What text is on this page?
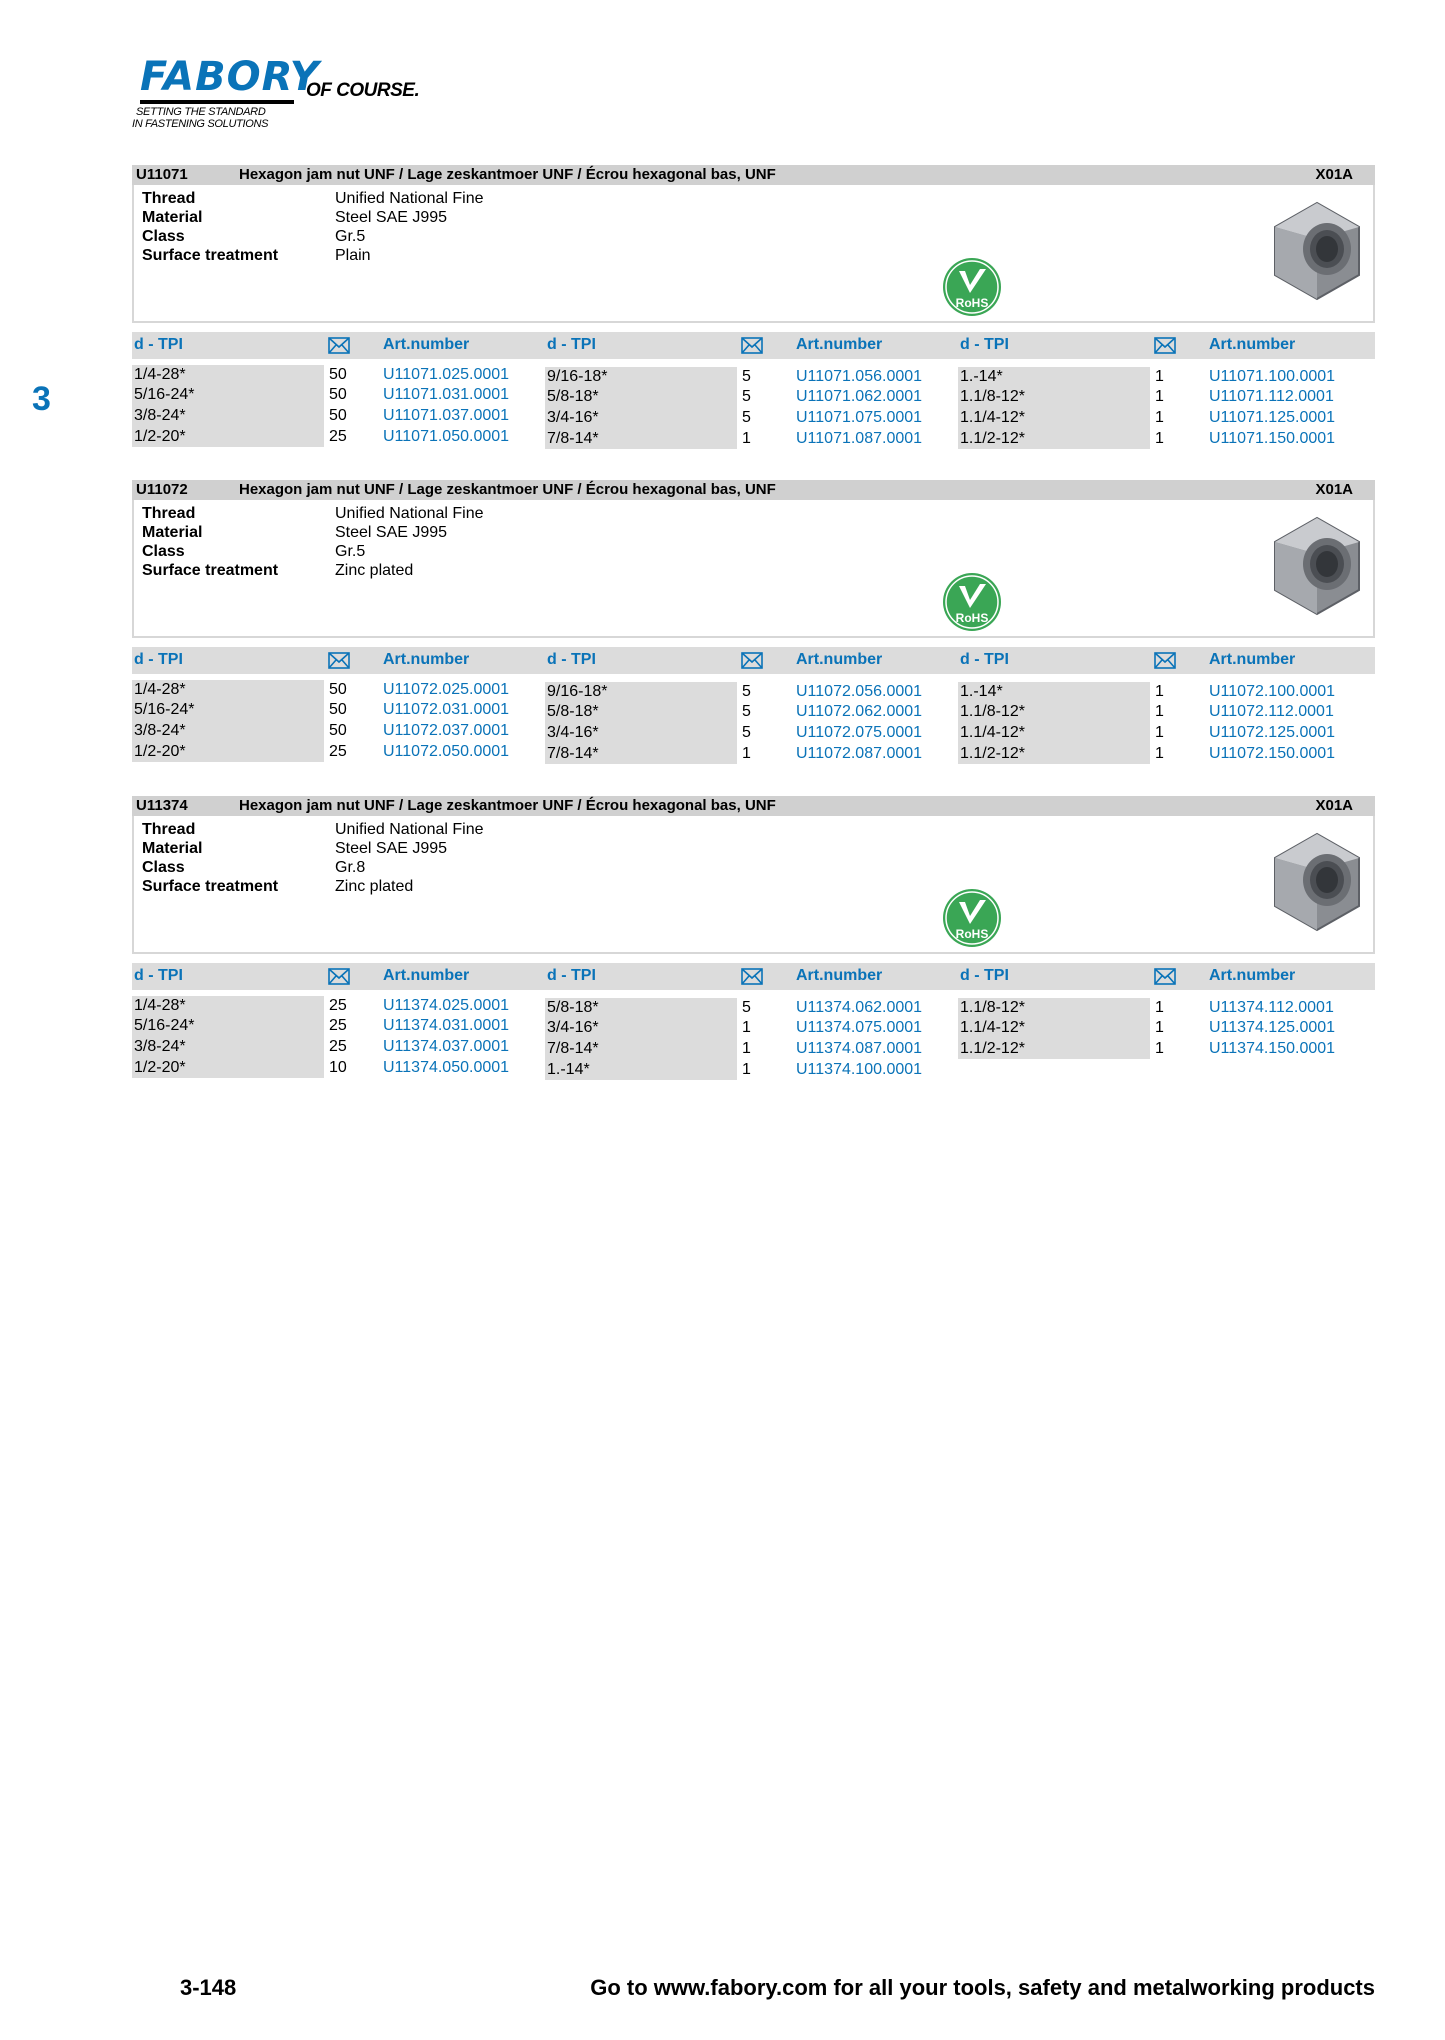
FABORY
OF COURSE.
SETTING THE STANDARD
IN FASTENING SOLUTIONS
3
U11071	Hexagon jam nut UNF / Lage zeskantmoer UNF / Écrou hexagonal bas, UNF	X01A
Thread	Unified National Fine
Material	Steel SAE J995
Class	Gr.5
Surface treatment	Plain
RoHS
d - TPI	Art.number	d - TPI	Art.number	d - TPI	Art.number
1/4-28*	50 U11071.025.0001
5/16-24*	50 U11071.031.0001
3/8-24*	50 U11071.037.0001
1/2-20*	25 U11071.050.0001
9/16-18*	5	U11071.056.0001
5/8-18*	5	U11071.062.0001
3/4-16*	5	U11071.075.0001
7/8-14*	1	U11071.087.0001
1.-14*	1	U11071.100.0001
1.1/8-12*	1	U11071.112.0001
1.1/4-12*	1	U11071.125.0001
1.1/2-12*	1	U11071.150.0001
U11072	Hexagon jam nut UNF / Lage zeskantmoer UNF / Écrou hexagonal bas, UNF	X01A
Thread	Unified National Fine
Material	Steel SAE J995
Class	Gr.5
Surface treatment	Zinc plated
RoHS
d - TPI	Art.number	d - TPI	Art.number	d - TPI	Art.number
1/4-28*	50 U11072.025.0001
5/16-24*	50 U11072.031.0001
3/8-24*	50 U11072.037.0001
1/2-20*	25 U11072.050.0001
9/16-18*	5	U11072.056.0001
5/8-18*	5	U11072.062.0001
3/4-16*	5	U11072.075.0001
7/8-14*	1	U11072.087.0001
1.-14*	1	U11072.100.0001
1.1/8-12*	1	U11072.112.0001
1.1/4-12*	1	U11072.125.0001
1.1/2-12*	1	U11072.150.0001
U11374	Hexagon jam nut UNF / Lage zeskantmoer UNF / Écrou hexagonal bas, UNF	X01A
Thread	Unified National Fine
Material	Steel SAE J995
Class	Gr.8
Surface treatment	Zinc plated
RoHS
d - TPI	Art.number	d - TPI	Art.number	d - TPI	Art.number
1/4-28*	25 U11374.025.0001
5/16-24*	25 U11374.031.0001
3/8-24*	25 U11374.037.0001
1/2-20*	10 U11374.050.0001
5/8-18*	5	U11374.062.0001
3/4-16*	1	U11374.075.0001
7/8-14*	1	U11374.087.0001
1.-14*	1	U11374.100.0001
1.1/8-12*	1	U11374.112.0001
1.1/4-12*	1	U11374.125.0001
1.1/2-12*	1	U11374.150.0001
3-148	Go to www.fabory.com for all your tools, safety and metalworking products
